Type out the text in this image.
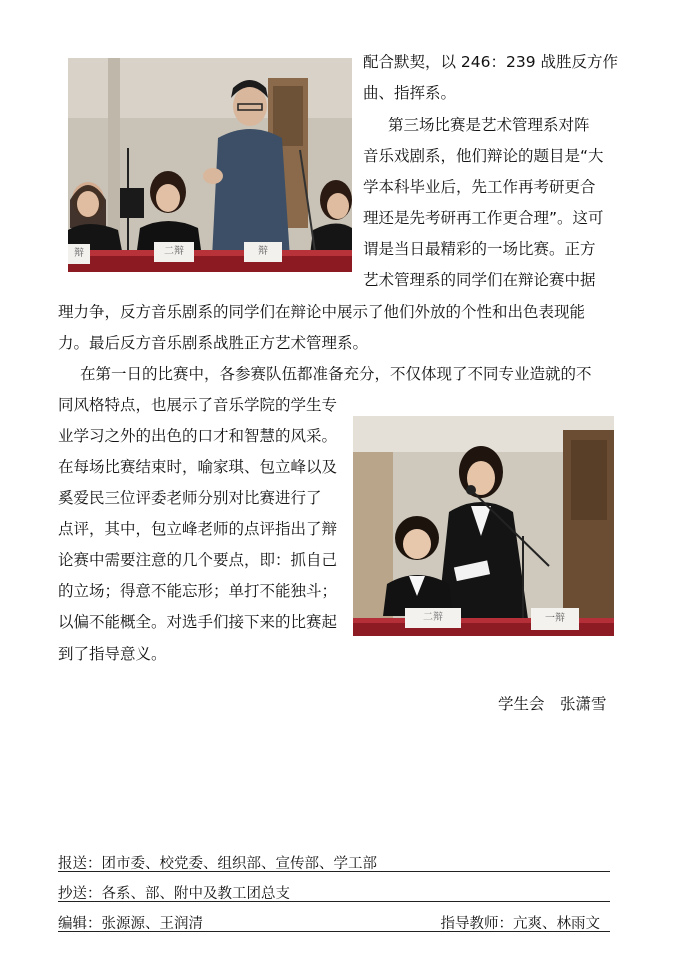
辩	二辩	辩
配合默契，以 246：239 战胜反方作
曲、指挥系。
第三场比赛是艺术管理系对阵
音乐戏剧系，他们辩论的题目是“大
学本科毕业后，先工作再考研更合
理还是先考研再工作更合理”。这可
谓是当日最精彩的一场比赛。正方
艺术管理系的同学们在辩论赛中据
理力争，反方音乐剧系的同学们在辩论中展示了他们外放的个性和出色表现能
力。最后反方音乐剧系战胜正方艺术管理系。
在第一日的比赛中，各参赛队伍都准备充分，不仅体现了不同专业造就的不
同风格特点，也展示了音乐学院的学生专
业学习之外的出色的口才和智慧的风采。
在每场比赛结束时，喻家琪、包立峰以及
奚爱民三位评委老师分别对比赛进行了
点评，其中，包立峰老师的点评指出了辩
论赛中需要注意的几个要点，即：抓自己
的立场；得意不能忘形；单打不能独斗；
以偏不能概全。对选手们接下来的比赛起
到了指导意义。
二辩	一辩
学生会　张潇雪
报送：团市委、校党委、组织部、宣传部、学工部
抄送：各系、部、附中及教工团总支
编辑：张源源、王润清	指导教师：亢爽、林雨文
